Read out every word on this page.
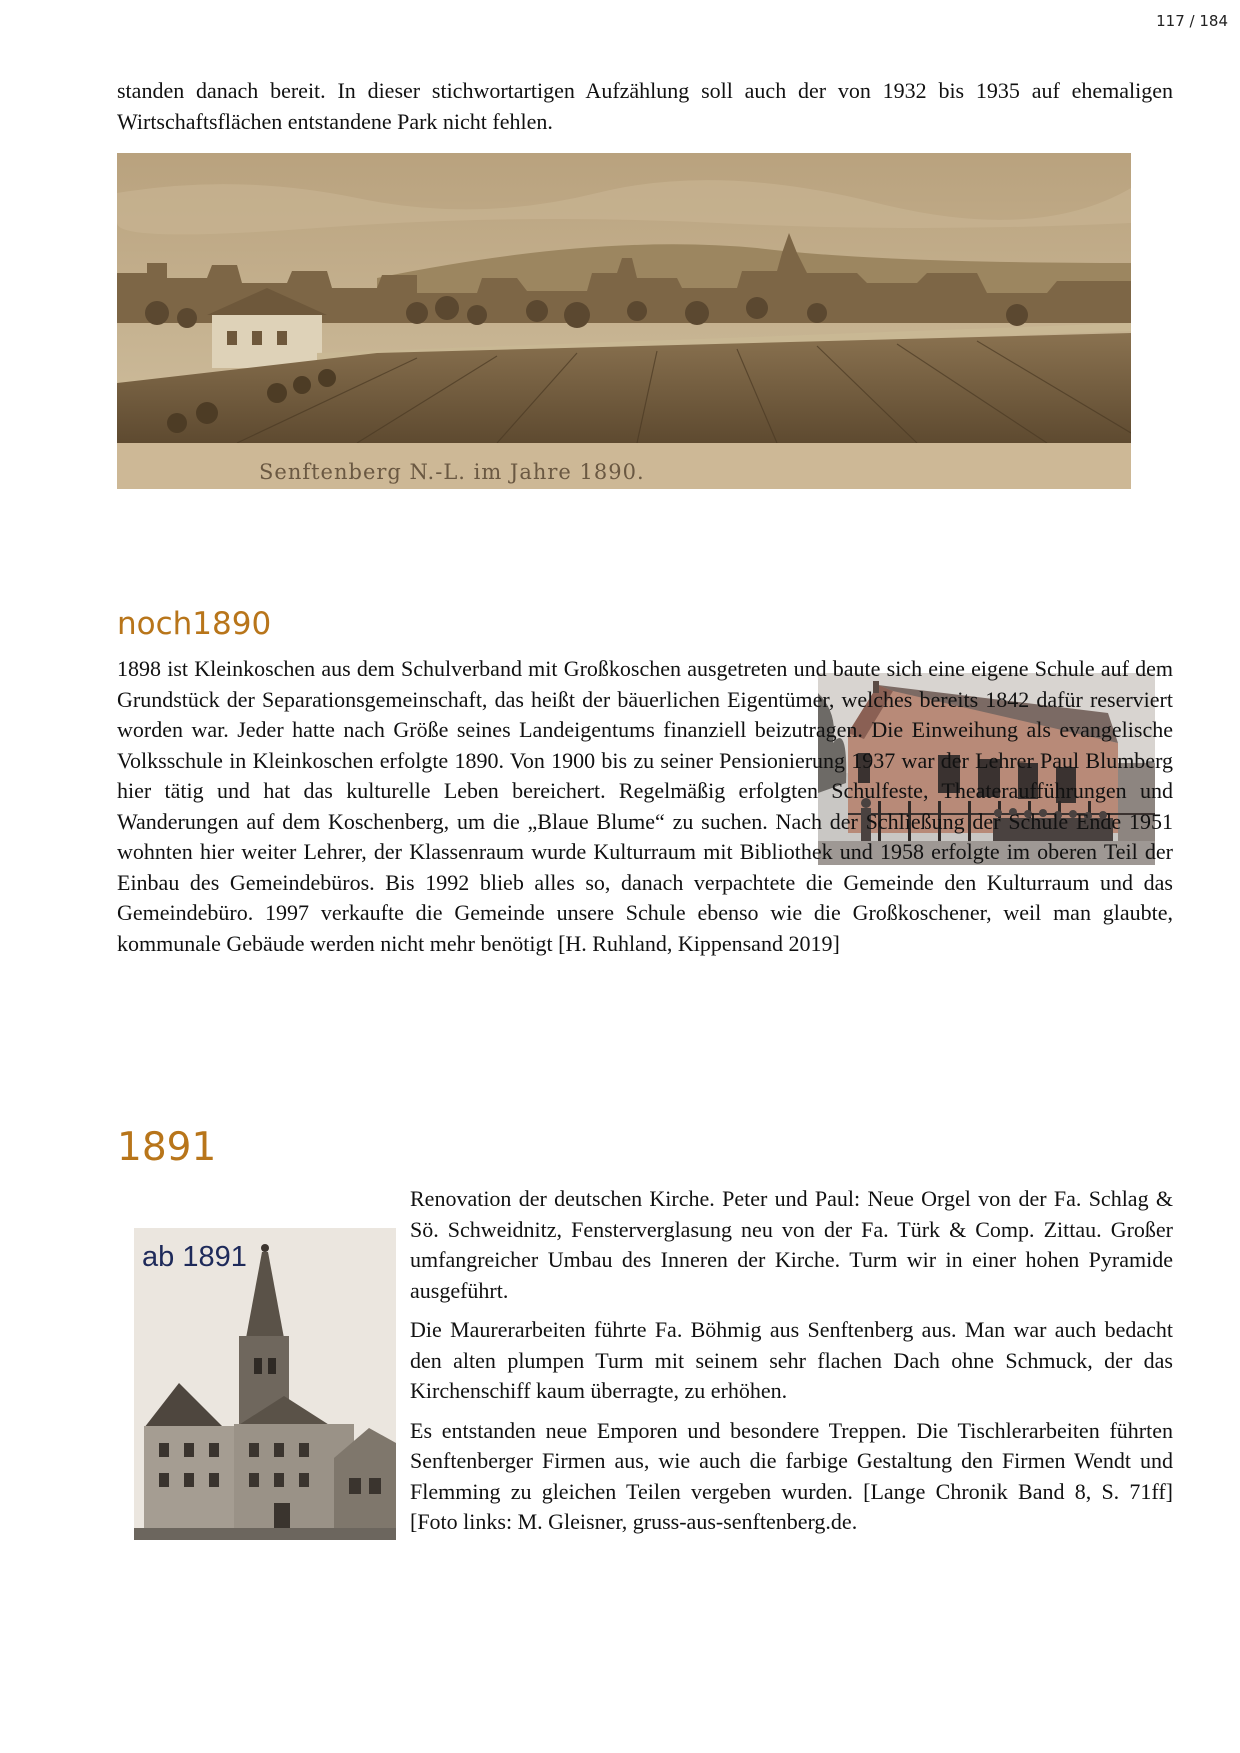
117 / 184

standen danach bereit. In dieser stichwortartigen Aufzählung soll auch der von 1932 bis 1935 auf ehemaligen Wirtschaftsflächen entstandene Park nicht fehlen.

Senftenberg N.-L. im Jahre 1890.
noch1890

1898 ist Kleinkoschen aus dem Schulverband mit Großkoschen ausgetreten und baute sich eine eigene Schule auf dem Grundstück der Separationsgemeinschaft, das heißt der bäuerlichen Eigentümer, welches bereits 1842 dafür reserviert worden war. Jeder hatte nach Größe seines Landeigentums finanziell beizutragen. Die Einweihung als evangelische Volksschule in Kleinkoschen erfolgte 1890. Von 1900 bis zu seiner Pensionierung 1937 war der Lehrer Paul Blumberg hier tätig und hat das kulturelle Leben bereichert. Regelmäßig erfolgten Schulfeste, Theateraufführungen und Wanderungen auf dem Koschenberg, um die „Blaue Blume“ zu suchen. Nach der Schließung der Schule Ende 1951 wohnten hier weiter Lehrer, der Klassenraum wurde Kulturraum mit Bibliothek und 1958 erfolgte im oberen Teil der Einbau des Gemeindebüros. Bis 1992 blieb alles so, danach verpachtete die Gemeinde den Kulturraum und das Gemeindebüro. 1997 verkaufte die Gemeinde unsere Schule ebenso wie die Großkoschener, weil man glaubte, kommunale Gebäude werden nicht mehr benötigt [H. Ruhland, Kippensand 2019]

1891
ab 1891

Renovation der deutschen Kirche. Peter und Paul: Neue Orgel von der Fa. Schlag & Sö. Schweidnitz, Fensterverglasung neu von der Fa. Türk & Comp. Zittau. Großer umfangreicher Umbau des Inneren der Kirche. Turm wir in einer hohen Pyramide ausgeführt.

Die Maurerarbeiten führte Fa. Böhmig aus Senftenberg aus. Man war auch bedacht den alten plumpen Turm mit seinem sehr flachen Dach ohne Schmuck, der das Kirchenschiff kaum überragte, zu erhöhen.

Es entstanden neue Emporen und besondere Treppen. Die Tischlerarbeiten führten Senftenberger Firmen aus, wie auch die farbige Gestaltung den Firmen Wendt und Flemming zu gleichen Teilen vergeben wurden. [Lange Chronik Band 8, S. 71ff] [Foto links: M. Gleisner, gruss-aus-senftenberg.de.
